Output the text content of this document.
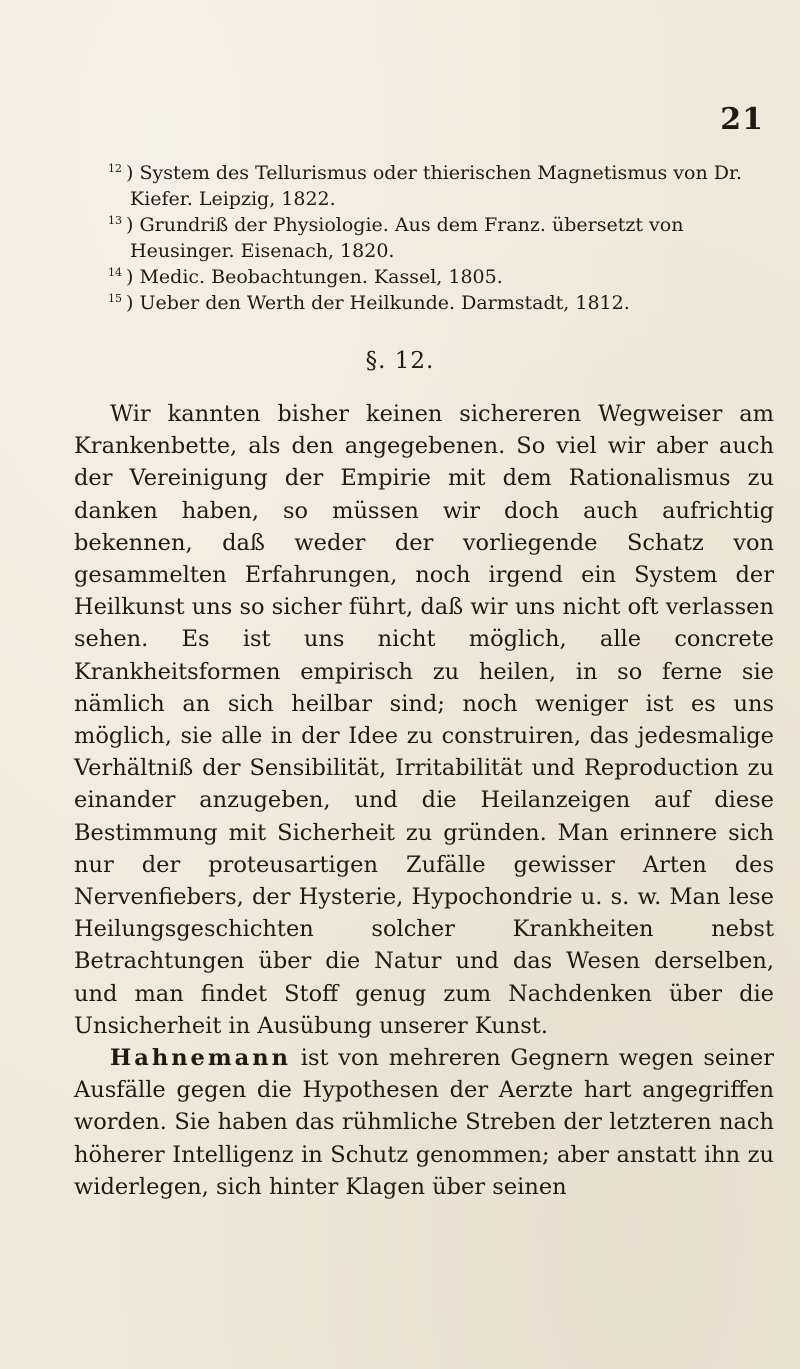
21

$^{12}$ ) System des Tellurismus oder thierischen Magnetismus von Dr. Kiefer. Leipzig, 1822.

$^{13}$ ) Grundriß der Physiologie. Aus dem Franz. übersetzt von Heusinger. Eisenach, 1820.

$^{14}$ ) Medic. Beobachtungen. Kassel, 1805.

$^{15}$ ) Ueber den Werth der Heilkunde. Darmstadt, 1812.

§. 12.

Wir kannten bisher keinen sichereren Wegweiser am Krankenbette, als den angegebenen. So viel wir aber auch der Vereinigung der Empirie mit dem Rationalismus zu danken haben, so müssen wir doch auch aufrichtig bekennen, daß weder der vorliegende Schatz von gesammelten Erfahrungen, noch irgend ein System der Heilkunst uns so sicher führt, daß wir uns nicht oft verlassen sehen. Es ist uns nicht möglich, alle concrete Krankheitsformen empirisch zu heilen, in so ferne sie nämlich an sich heilbar sind; noch weniger ist es uns möglich, sie alle in der Idee zu construiren, das jedesmalige Verhältniß der Sensibilität, Irritabilität und Reproduction zu einander anzugeben, und die Heilanzeigen auf diese Bestimmung mit Sicherheit zu gründen. Man erinnere sich nur der proteusartigen Zufälle gewisser Arten des Nervenfiebers, der Hysterie, Hypochondrie u. s. w. Man lese Heilungsgeschichten solcher Krankheiten nebst Betrachtungen über die Natur und das Wesen derselben, und man findet Stoff genug zum Nachdenken über die Unsicherheit in Ausübung unserer Kunst.

Hahnemann ist von mehreren Gegnern wegen seiner Ausfälle gegen die Hypothesen der Aerzte hart angegriffen worden. Sie haben das rühmliche Streben der letzteren nach höherer Intelligenz in Schutz genommen; aber anstatt ihn zu widerlegen, sich hinter Klagen über seinen
